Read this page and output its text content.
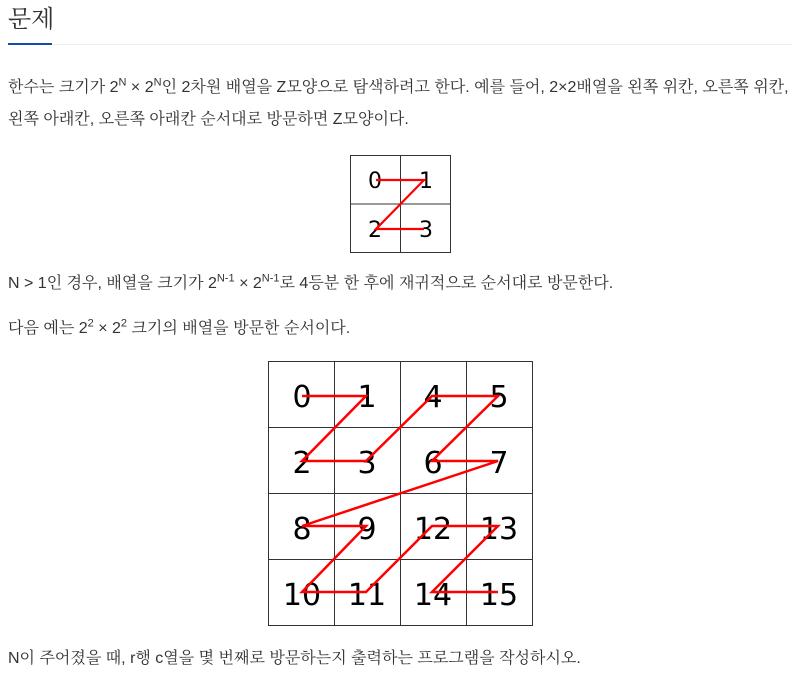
문제
한수는 크기가 $2^N \times 2^N$인 2차원 배열을 Z모양으로 탐색하려고 한다. 예를 들어, 2×2배열을 왼쪽 위칸, 오른쪽 위칸, 왼쪽 아래칸, 오른쪽 아래칸 순서대로 방문하면 Z모양이다.
0 1
2 3
N > 1인 경우, 배열을 크기가 $2^{N-1} \times 2^{N-1}$로 4등분 한 후에 재귀적으로 순서대로 방문한다.
다음 예는 $2^2 \times 2^2$ 크기의 배열을 방문한 순서이다.
0 1 4 5
2 3 6 7
8 9 12 13
10 11 14 15
N이 주어졌을 때, r행 c열을 몇 번째로 방문하는지 출력하는 프로그램을 작성하시오.
